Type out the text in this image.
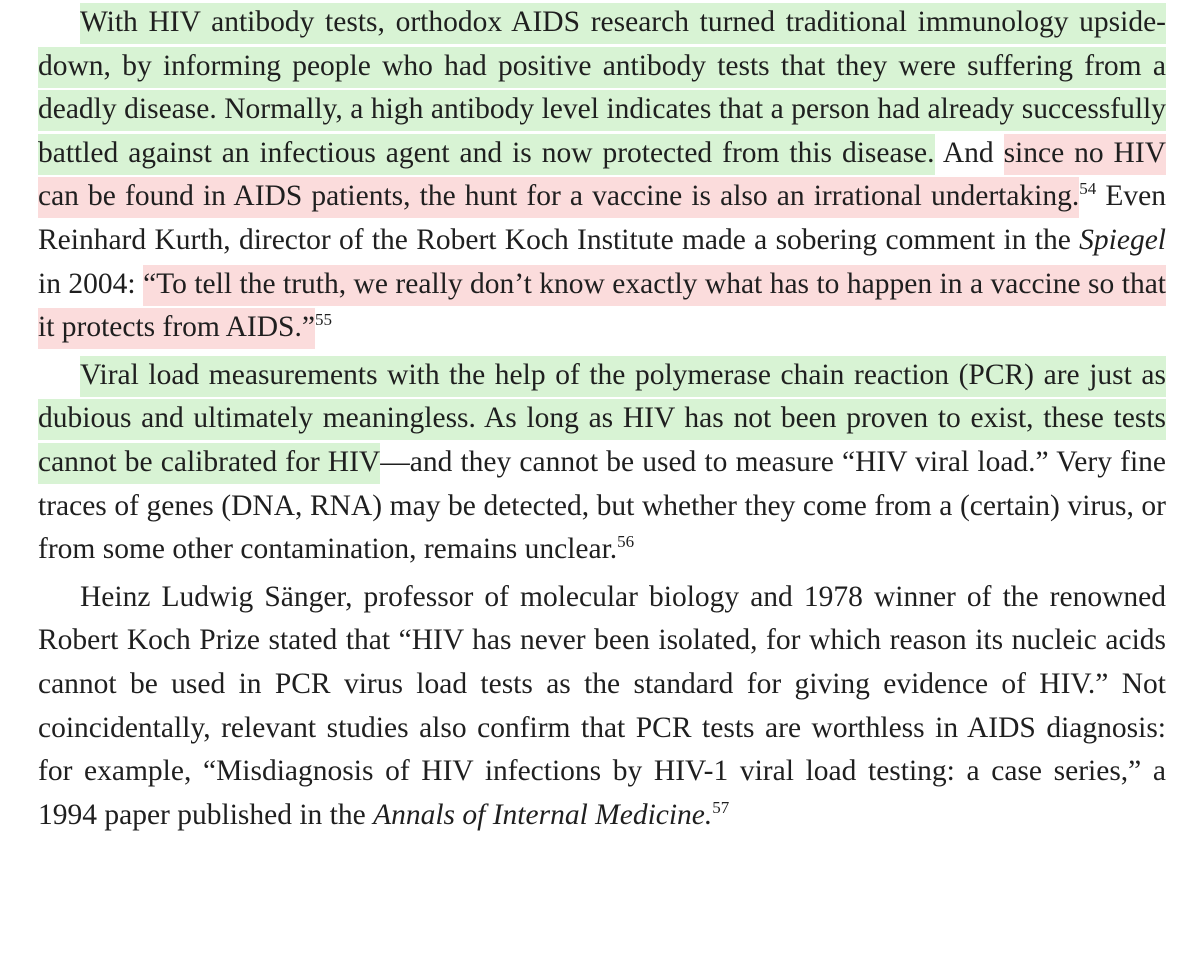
With HIV antibody tests, orthodox AIDS research turned traditional immunology upside-down, by informing people who had positive antibody tests that they were suffering from a deadly disease. Normally, a high antibody level indicates that a person had already successfully battled against an infectious agent and is now protected from this disease. And since no HIV can be found in AIDS patients, the hunt for a vaccine is also an irrational undertaking.$^{54}$ Even Reinhard Kurth, director of the Robert Koch Institute made a sobering comment in the Spiegel in 2004: “To tell the truth, we really don’t know exactly what has to happen in a vaccine so that it protects from AIDS.”$^{55}$

Viral load measurements with the help of the polymerase chain reaction (PCR) are just as dubious and ultimately meaningless. As long as HIV has not been proven to exist, these tests cannot be calibrated for HIV—and they cannot be used to measure “HIV viral load.” Very fine traces of genes (DNA, RNA) may be detected, but whether they come from a (certain) virus, or from some other contamination, remains unclear.$^{56}$

Heinz Ludwig Sänger, professor of molecular biology and 1978 winner of the renowned Robert Koch Prize stated that “HIV has never been isolated, for which reason its nucleic acids cannot be used in PCR virus load tests as the standard for giving evidence of HIV.” Not coincidentally, relevant studies also confirm that PCR tests are worthless in AIDS diagnosis: for example, “Misdiagnosis of HIV infections by HIV-1 viral load testing: a case series,” a 1994 paper published in the Annals of Internal Medicine.$^{57}$
